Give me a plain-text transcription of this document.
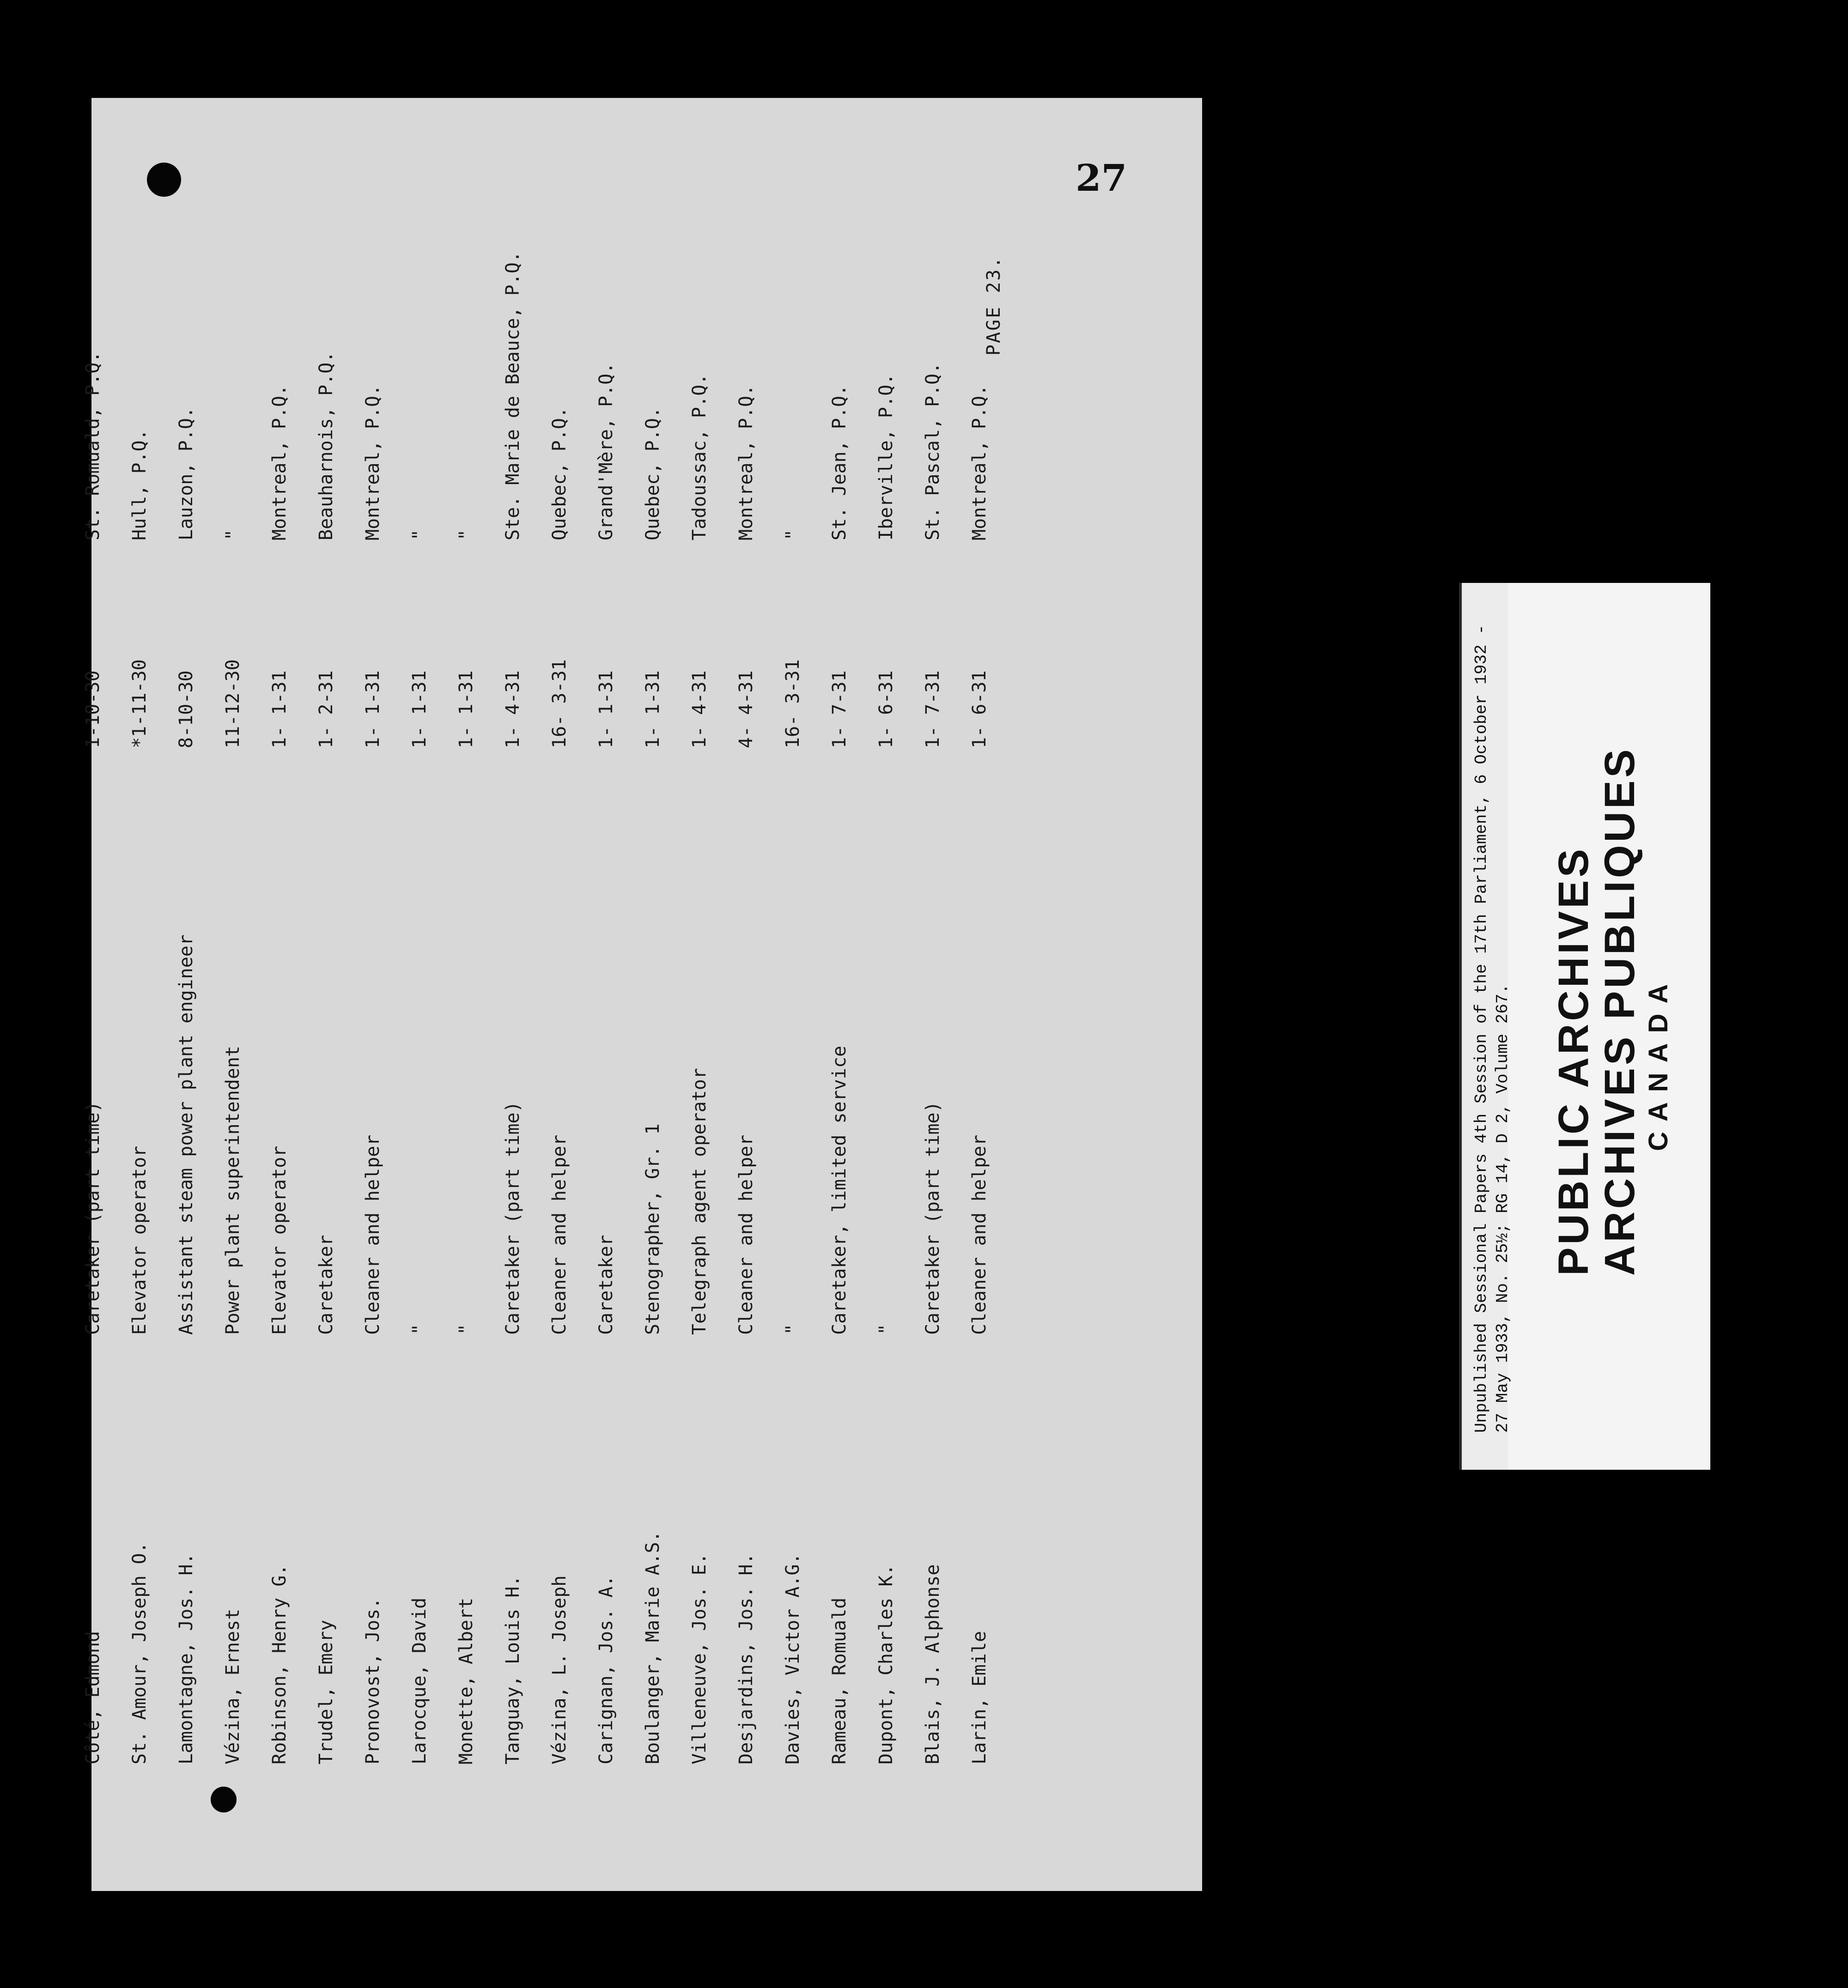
27
PAGE 23.
Côté, Edmond
Caretaker (part time)
1-10-30
St. Romuald, P.Q.
St. Amour, Joseph O.
Elevator operator
*1-11-30
Hull, P.Q.
Lamontagne, Jos. H.
Assistant steam power plant engineer
8-10-30
Lauzon, P.Q.
Vézina, Ernest
Power plant superintendent
11-12-30
"
Robinson, Henry G.
Elevator operator
1- 1-31
Montreal, P.Q.
Trudel, Emery
Caretaker
1- 2-31
Beauharnois, P.Q.
Pronovost, Jos.
Cleaner and helper
1- 1-31
Montreal, P.Q.
Larocque, David
"
1- 1-31
"
Monette, Albert
"
1- 1-31
"
Tanguay, Louis H.
Caretaker (part time)
1- 4-31
Ste. Marie de Beauce, P.Q.
Vézina, L. Joseph
Cleaner and helper
16- 3-31
Quebec, P.Q.
Carignan, Jos. A.
Caretaker
1- 1-31
Grand'Mère, P.Q.
Boulanger, Marie A.S.
Stenographer, Gr. 1
1- 1-31
Quebec, P.Q.
Villeneuve, Jos. E.
Telegraph agent operator
1- 4-31
Tadoussac, P.Q.
Desjardins, Jos. H.
Cleaner and helper
4- 4-31
Montreal, P.Q.
Davies, Victor A.G.
"
16- 3-31
"
Rameau, Romuald
Caretaker, limited service
1- 7-31
St. Jean, P.Q.
Dupont, Charles K.
"
1- 6-31
Iberville, P.Q.
Blais, J. Alphonse
Caretaker (part time)
1- 7-31
St. Pascal, P.Q.
Larin, Emile
Cleaner and helper
1- 6-31
Montreal, P.Q.
Unpublished Sessional Papers 4th Session of the 17th Parliament, 6 October 1932 - 27 May 1933, No. 25½; RG 14, D 2, Volume 267. PUBLIC ARCHIVES
ARCHIVES PUBLIQUES CANADA
